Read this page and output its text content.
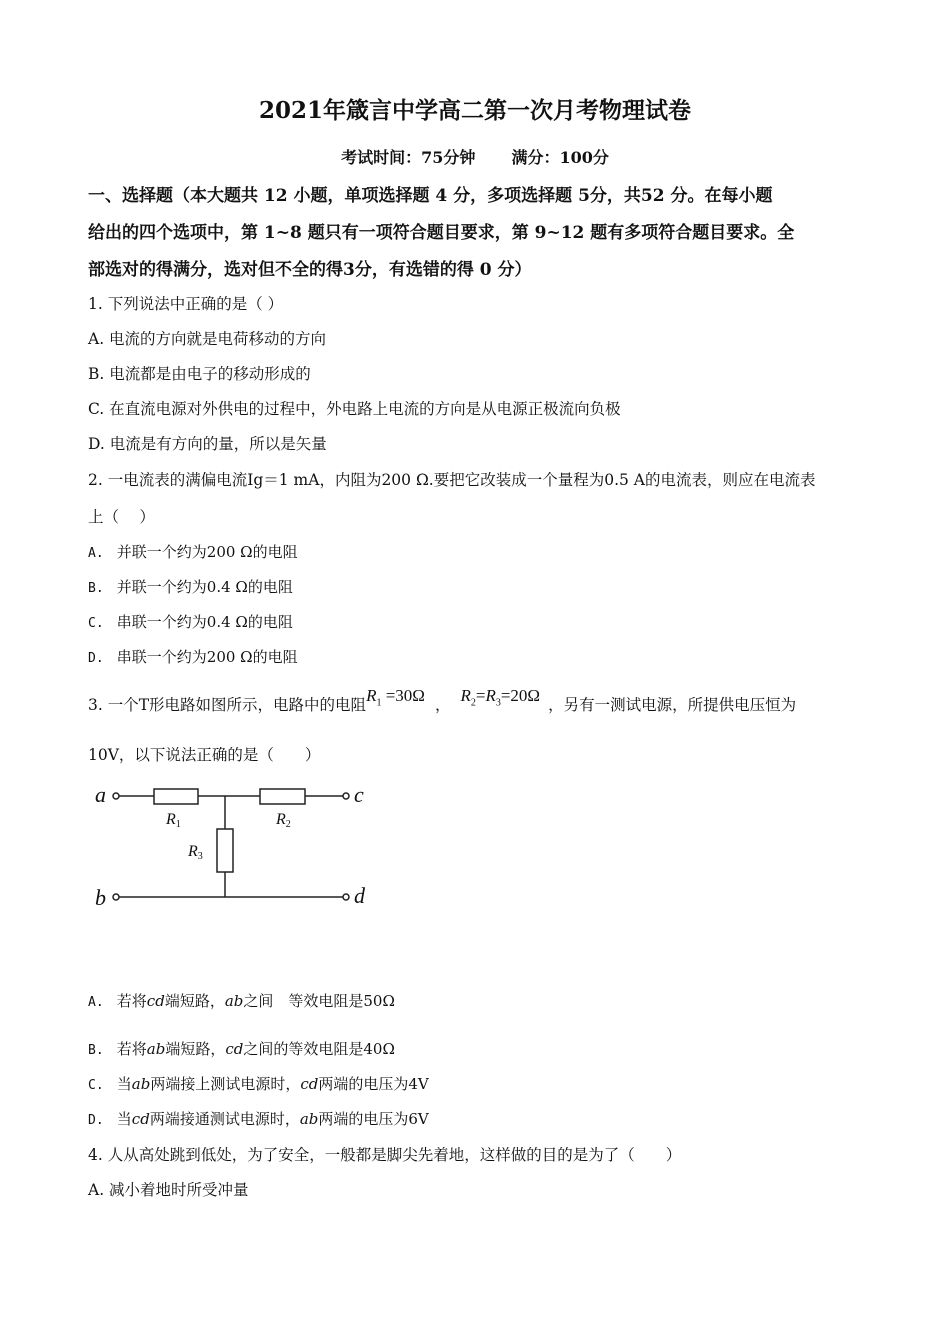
2021年箴言中学高二第一次月考物理试卷
考试时间：75分钟 满分：100分
一、选择题（本大题共 12 小题，单项选择题 4 分，多项选择题 5分，共52 分。在每小题
给出的四个选项中，第 1~8 题只有一项符合题目要求，第 9~12 题有多项符合题目要求。全
部选对的得满分，选对但不全的得3分，有选错的得 0 分）
1. 下列说法中正确的是（ ）
A. 电流的方向就是电荷移动的方向
B. 电流都是由电子的移动形成的
C. 在直流电源对外供电的过程中，外电路上电流的方向是从电源正极流向负极
D. 电流是有方向的量，所以是矢量
2. 一电流表的满偏电流Ig＝1 mA，内阻为200 Ω.要把它改装成一个量程为0.5 A的电流表，则应在电流表
上（　 ）
A. 并联一个约为200 Ω的电阻
B. 并联一个约为0.4 Ω的电阻
C. 串联一个约为0.4 Ω的电阻
D. 串联一个约为200 Ω的电阻
3. 一个T形电路如图所示，电路中的电阻$R_1 =30\Omega$ ， $R_2=R_3=20\Omega$ ，另有一测试电源，所提供电压恒为
10V，以下说法正确的是（　　）
a
b
c
d
R1	R2
R3
A. 若将cd端短路，ab之间　等效电阻是50Ω
B. 若将ab端短路，cd之间的等效电阻是40Ω
C. 当ab两端接上测试电源时，cd两端的电压为4V
D. 当cd两端接通测试电源时，ab两端的电压为6V
4. 人从高处跳到低处，为了安全，一般都是脚尖先着地，这样做的目的是为了（　　）
A. 减小着地时所受冲量
